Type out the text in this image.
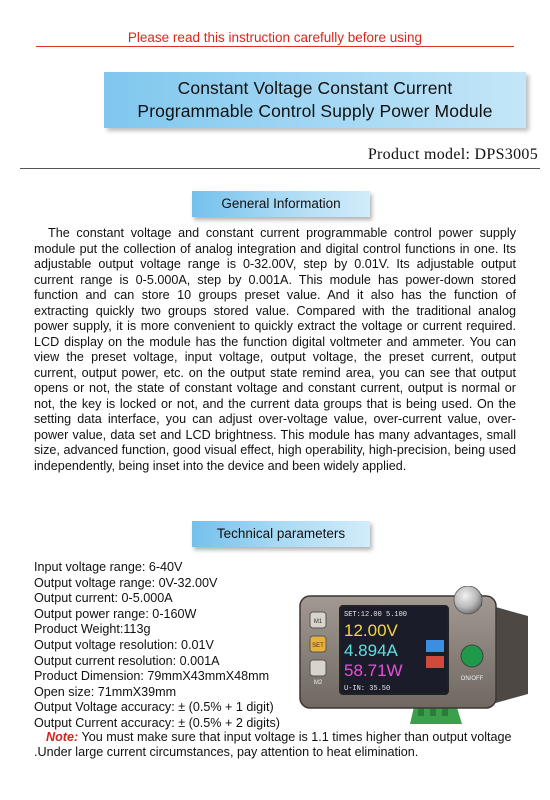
Please read this instruction carefully before using
Constant Voltage Constant Current
Programmable Control Supply Power Module
Product model: DPS3005
General Information
The constant voltage and constant current programmable control power supply module put the collection of analog integration and digital control functions in one. Its adjustable output voltage range is 0-32.00V, step by 0.01V. Its adjustable output current range is 0-5.000A, step by 0.001A. This module has power-down stored function and can store 10 groups preset value. And it also has the function of extracting quickly two groups stored value. Compared with the traditional analog power supply, it is more convenient to quickly extract the voltage or current required. LCD display on the module has the function digital voltmeter and ammeter. You can view the preset voltage, input voltage, output voltage, the preset current, output current, output power, etc. on the output state remind area, you can see that output opens or not, the state of constant voltage and constant current, output is normal or not, the key is locked or not, and the current data groups that is being used. On the setting data interface, you can adjust over-voltage value, over-current value, over-power value, data set and LCD brightness. This module has many advantages, small size, advanced function, good visual effect, high operability, high-precision, being used independently, being inset into the device and been widely applied.
Technical parameters
Input voltage range: 6-40V
Output voltage range: 0V-32.00V
Output current: 0-5.000A
Output power range: 0-160W
Product Weight:113g
Output voltage resolution: 0.01V
Output current resolution: 0.001A
Product Dimension: 79mmX43mmX48mm
Open size: 71mmX39mm
Output Voltage accuracy: ± (0.5% + 1 digit)
Output Current accuracy: ± (0.5% + 2 digits)
M1
SET
M2
SET:12.00 5.100
12.00V
4.894A
58.71W
U-IN: 35.50
ON/OFF
Note: You must make sure that input voltage is 1.1 times higher than output voltage .Under large current circumstances, pay attention to heat elimination.
